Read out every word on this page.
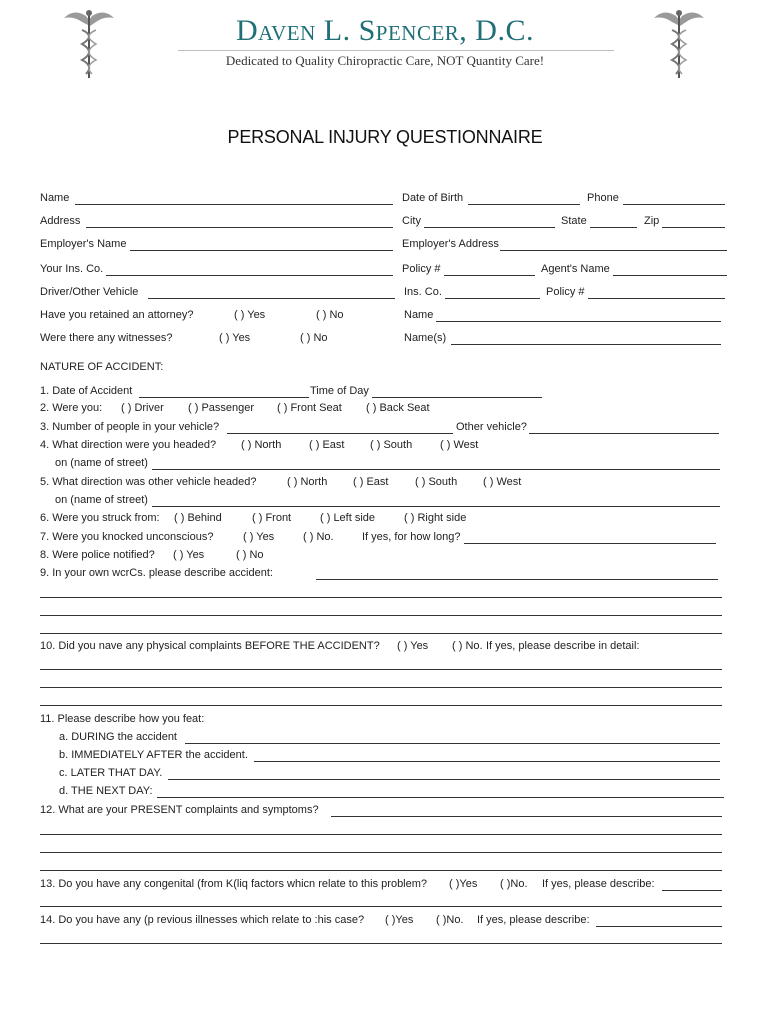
Daven L. Spencer, D.C.
Dedicated to Quality Chiropractic Care, NOT Quantity Care!
PERSONAL INJURY QUESTIONNAIRE
Name	Date of Birth	Phone
Address	City	State	Zip
Employer's Name	Employer's Address
Your Ins. Co.	Policy #	Agent's Name
Driver/Other Vehicle	Ins. Co.	Policy #
Have you retained an attorney?	( ) Yes	( ) No	Name
Were there any witnesses?	( ) Yes	( ) No	Name(s)
NATURE OF ACCIDENT:
1. Date of Accident	Time of Day
2. Were you: ( ) Driver ( ) Passenger ( ) Front Seat ( ) Back Seat
3. Number of people in your vehicle?	Other vehicle?
4. What direction were you headed? ( ) North	( ) East ( ) South	( ) West
on (name of street)
5. What direction was other vehicle headed?	( ) North ( ) East ( ) South ( ) West
on (name of street)
6. Were you struck from: ( ) Behind	( ) Front	( ) Left side	( ) Right side
7. Were you knocked unconscious?	( ) Yes	( ) No.	If yes, for how long?
8. Were police notified? ( ) Yes	( ) No
9. In your own wcrCs. please describe accident:
10. Did you nave any physical complaints BEFORE THE ACCIDENT? ( ) Yes ( ) No. If yes, please describe in detail:
11. Please describe how you feat:
a. DURING the accident
b. IMMEDIATELY AFTER the accident.
c. LATER THAT DAY.
d. THE NEXT DAY:
12. What are your PRESENT complaints and symptoms?
13. Do you have any congenital (from K(liq factors whicn relate to this problem? ( )Yes ( )No. If yes, please describe:
14. Do you have any (p revious illnesses which relate to :his case? ( )Yes ( )No. If yes, please describe:
